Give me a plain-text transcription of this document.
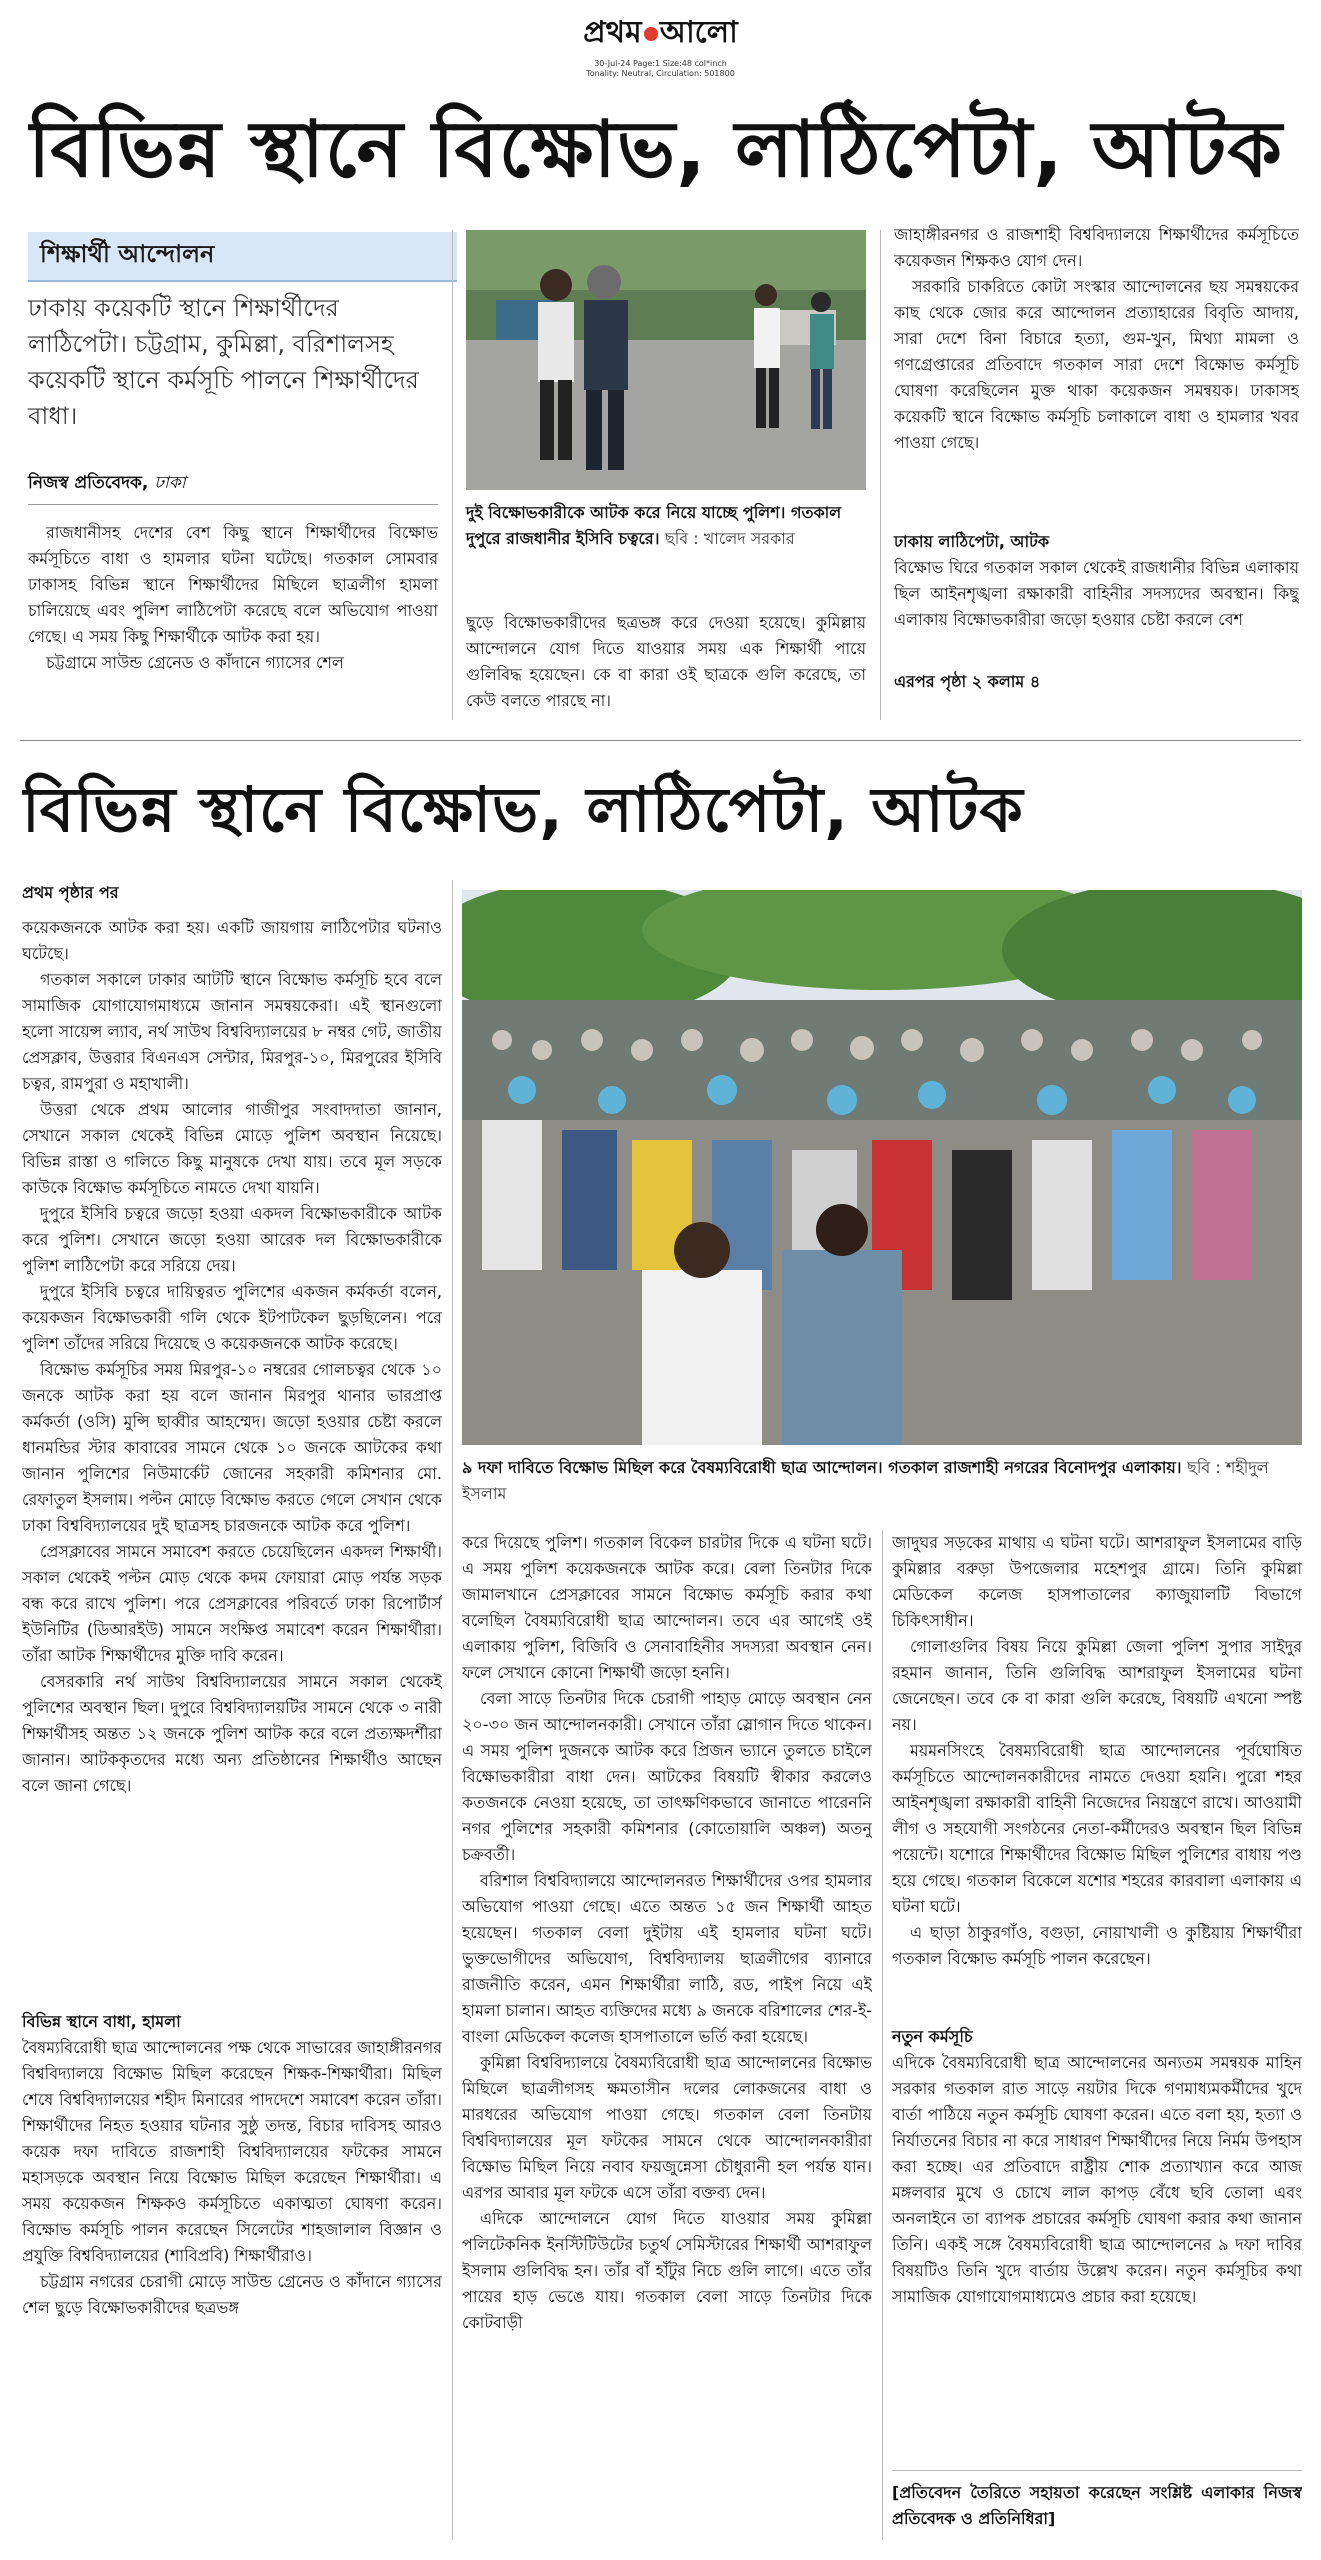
প্রথম আলো
30-Jul-24 Page:1 Size:48 col*inch
Tonality: Neutral, Circulation: 501800
বিভিন্ন স্থানে বিক্ষোভ, লাঠিপেটা, আটক
শিক্ষার্থী আন্দোলন
ঢাকায় কয়েকটি স্থানে শিক্ষার্থীদের লাঠিপেটা। চট্টগ্রাম, কুমিল্লা, বরিশালসহ কয়েকটি স্থানে কর্মসূচি পালনে শিক্ষার্থীদের বাধা।
নিজস্ব প্রতিবেদক, ঢাকা

রাজধানীসহ দেশের বেশ কিছু স্থানে শিক্ষার্থীদের বিক্ষোভ কর্মসূচিতে বাধা ও হামলার ঘটনা ঘটেছে। গতকাল সোমবার ঢাকাসহ বিভিন্ন স্থানে শিক্ষার্থীদের মিছিলে ছাত্রলীগ হামলা চালিয়েছে এবং পুলিশ লাঠিপেটা করেছে বলে অভিযোগ পাওয়া গেছে। এ সময় কিছু শিক্ষার্থীকে আটক করা হয়।

চট্টগ্রামে সাউন্ড গ্রেনেড ও কাঁদানে গ্যাসের শেল

দুই বিক্ষোভকারীকে আটক করে নিয়ে যাচ্ছে পুলিশ। গতকাল দুপুরে রাজধানীর ইসিবি চত্বরে। ছবি : খালেদ সরকার

ছুড়ে বিক্ষোভকারীদের ছত্রভঙ্গ করে দেওয়া হয়েছে। কুমিল্লায় আন্দোলনে যোগ দিতে যাওয়ার সময় এক শিক্ষার্থী পায়ে গুলিবিদ্ধ হয়েছেন। কে বা কারা ওই ছাত্রকে গুলি করেছে, তা কেউ বলতে পারছে না।

জাহাঙ্গীরনগর ও রাজশাহী বিশ্ববিদ্যালয়ে শিক্ষার্থীদের কর্মসূচিতে কয়েকজন শিক্ষকও যোগ দেন।

সরকারি চাকরিতে কোটা সংস্কার আন্দোলনের ছয় সমন্বয়কের কাছ থেকে জোর করে আন্দোলন প্রত্যাহারের বিবৃতি আদায়, সারা দেশে বিনা বিচারে হত্যা, গুম-খুন, মিথ্যা মামলা ও গণগ্রেপ্তারের প্রতিবাদে গতকাল সারা দেশে বিক্ষোভ কর্মসূচি ঘোষণা করেছিলেন মুক্ত থাকা কয়েকজন সমন্বয়ক। ঢাকাসহ কয়েকটি স্থানে বিক্ষোভ কর্মসূচি চলাকালে বাধা ও হামলার খবর পাওয়া গেছে।

ঢাকায় লাঠিপেটা, আটক

বিক্ষোভ ঘিরে গতকাল সকাল থেকেই রাজধানীর বিভিন্ন এলাকায় ছিল আইনশৃঙ্খলা রক্ষাকারী বাহিনীর সদস্যদের অবস্থান। কিছু এলাকায় বিক্ষোভকারীরা জড়ো হওয়ার চেষ্টা করলে বেশ

এরপর পৃষ্ঠা ২ কলাম ৪
বিভিন্ন স্থানে বিক্ষোভ, লাঠিপেটা, আটক
প্রথম পৃষ্ঠার পর

কয়েকজনকে আটক করা হয়। একটি জায়গায় লাঠিপেটার ঘটনাও ঘটেছে।

গতকাল সকালে ঢাকার আটটি স্থানে বিক্ষোভ কর্মসূচি হবে বলে সামাজিক যোগাযোগমাধ্যমে জানান সমন্বয়কেরা। এই স্থানগুলো হলো সায়েন্স ল্যাব, নর্থ সাউথ বিশ্ববিদ্যালয়ের ৮ নম্বর গেট, জাতীয় প্রেসক্লাব, উত্তরার বিএনএস সেন্টার, মিরপুর-১০, মিরপুরের ইসিবি চত্বর, রামপুরা ও মহাখালী।

উত্তরা থেকে প্রথম আলোর গাজীপুর সংবাদদাতা জানান, সেখানে সকাল থেকেই বিভিন্ন মোড়ে পুলিশ অবস্থান নিয়েছে। বিভিন্ন রাস্তা ও গলিতে কিছু মানুষকে দেখা যায়। তবে মূল সড়কে কাউকে বিক্ষোভ কর্মসূচিতে নামতে দেখা যায়নি।

দুপুরে ইসিবি চত্বরে জড়ো হওয়া একদল বিক্ষোভকারীকে আটক করে পুলিশ। সেখানে জড়ো হওয়া আরেক দল বিক্ষোভকারীকে পুলিশ লাঠিপেটা করে সরিয়ে দেয়।

দুপুরে ইসিবি চত্বরে দায়িত্বরত পুলিশের একজন কর্মকর্তা বলেন, কয়েকজন বিক্ষোভকারী গলি থেকে ইটপাটকেল ছুড়ছিলেন। পরে পুলিশ তাঁদের সরিয়ে দিয়েছে ও কয়েকজনকে আটক করেছে।

বিক্ষোভ কর্মসূচির সময় মিরপুর-১০ নম্বরের গোলচত্বর থেকে ১০ জনকে আটক করা হয় বলে জানান মিরপুর থানার ভারপ্রাপ্ত কর্মকর্তা (ওসি) মুন্সি ছাব্বীর আহম্মেদ। জড়ো হওয়ার চেষ্টা করলে ধানমন্ডির স্টার কাবাবের সামনে থেকে ১০ জনকে আটকের কথা জানান পুলিশের নিউমার্কেট জোনের সহকারী কমিশনার মো. রেফাতুল ইসলাম। পল্টন মোড়ে বিক্ষোভ করতে গেলে সেখান থেকে ঢাকা বিশ্ববিদ্যালয়ের দুই ছাত্রসহ চারজনকে আটক করে পুলিশ।

প্রেসক্লাবের সামনে সমাবেশ করতে চেয়েছিলেন একদল শিক্ষার্থী। সকাল থেকেই পল্টন মোড় থেকে কদম ফোয়ারা মোড় পর্যন্ত সড়ক বন্ধ করে রাখে পুলিশ। পরে প্রেসক্লাবের পরিবর্তে ঢাকা রিপোর্টার্স ইউনিটির (ডিআরইউ) সামনে সংক্ষিপ্ত সমাবেশ করেন শিক্ষার্থীরা। তাঁরা আটক শিক্ষার্থীদের মুক্তি দাবি করেন।

বেসরকারি নর্থ সাউথ বিশ্ববিদ্যালয়ের সামনে সকাল থেকেই পুলিশের অবস্থান ছিল। দুপুরে বিশ্ববিদ্যালয়টির সামনে থেকে ৩ নারী শিক্ষার্থীসহ অন্তত ১২ জনকে পুলিশ আটক করে বলে প্রত্যক্ষদর্শীরা জানান। আটককৃতদের মধ্যে অন্য প্রতিষ্ঠানের শিক্ষার্থীও আছেন বলে জানা গেছে।

বিভিন্ন স্থানে বাধা, হামলা

বৈষম্যবিরোধী ছাত্র আন্দোলনের পক্ষ থেকে সাভারের জাহাঙ্গীরনগর বিশ্ববিদ্যালয়ে বিক্ষোভ মিছিল করেছেন শিক্ষক-শিক্ষার্থীরা। মিছিল শেষে বিশ্ববিদ্যালয়ের শহীদ মিনারের পাদদেশে সমাবেশ করেন তাঁরা। শিক্ষার্থীদের নিহত হওয়ার ঘটনার সুষ্ঠু তদন্ত, বিচার দাবিসহ আরও কয়েক দফা দাবিতে রাজশাহী বিশ্ববিদ্যালয়ের ফটকের সামনে মহাসড়কে অবস্থান নিয়ে বিক্ষোভ মিছিল করেছেন শিক্ষার্থীরা। এ সময় কয়েকজন শিক্ষকও কর্মসূচিতে একাত্মতা ঘোষণা করেন। বিক্ষোভ কর্মসূচি পালন করেছেন সিলেটের শাহজালাল বিজ্ঞান ও প্রযুক্তি বিশ্ববিদ্যালয়ের (শাবিপ্রবি) শিক্ষার্থীরাও।

চট্টগ্রাম নগরের চেরাগী মোড়ে সাউন্ড গ্রেনেড ও কাঁদানে গ্যাসের শেল ছুড়ে বিক্ষোভকারীদের ছত্রভঙ্গ

৯ দফা দাবিতে বিক্ষোভ মিছিল করে বৈষম্যবিরোধী ছাত্র আন্দোলন। গতকাল রাজশাহী নগরের বিনোদপুর এলাকায়। ছবি : শহীদুল ইসলাম

করে দিয়েছে পুলিশ। গতকাল বিকেল চারটার দিকে এ ঘটনা ঘটে। এ সময় পুলিশ কয়েকজনকে আটক করে। বেলা তিনটার দিকে জামালখানে প্রেসক্লাবের সামনে বিক্ষোভ কর্মসূচি করার কথা বলেছিল বৈষম্যবিরোধী ছাত্র আন্দোলন। তবে এর আগেই ওই এলাকায় পুলিশ, বিজিবি ও সেনাবাহিনীর সদস্যরা অবস্থান নেন। ফলে সেখানে কোনো শিক্ষার্থী জড়ো হননি।

বেলা সাড়ে তিনটার দিকে চেরাগী পাহাড় মোড়ে অবস্থান নেন ২০-৩০ জন আন্দোলনকারী। সেখানে তাঁরা স্লোগান দিতে থাকেন। এ সময় পুলিশ দুজনকে আটক করে প্রিজন ভ্যানে তুলতে চাইলে বিক্ষোভকারীরা বাধা দেন। আটকের বিষয়টি স্বীকার করলেও কতজনকে নেওয়া হয়েছে, তা তাৎক্ষণিকভাবে জানাতে পারেননি নগর পুলিশের সহকারী কমিশনার (কোতোয়ালি অঞ্চল) অতনু চক্রবর্তী।

বরিশাল বিশ্ববিদ্যালয়ে আন্দোলনরত শিক্ষার্থীদের ওপর হামলার অভিযোগ পাওয়া গেছে। এতে অন্তত ১৫ জন শিক্ষার্থী আহত হয়েছেন। গতকাল বেলা দুইটায় এই হামলার ঘটনা ঘটে। ভুক্তভোগীদের অভিযোগ, বিশ্ববিদ্যালয় ছাত্রলীগের ব্যানারে রাজনীতি করেন, এমন শিক্ষার্থীরা লাঠি, রড, পাইপ নিয়ে এই হামলা চালান। আহত ব্যক্তিদের মধ্যে ৯ জনকে বরিশালের শের-ই-বাংলা মেডিকেল কলেজ হাসপাতালে ভর্তি করা হয়েছে।

কুমিল্লা বিশ্ববিদ্যালয়ে বৈষম্যবিরোধী ছাত্র আন্দোলনের বিক্ষোভ মিছিলে ছাত্রলীগসহ ক্ষমতাসীন দলের লোকজনের বাধা ও মারধরের অভিযোগ পাওয়া গেছে। গতকাল বেলা তিনটায় বিশ্ববিদ্যালয়ের মূল ফটকের সামনে থেকে আন্দোলনকারীরা বিক্ষোভ মিছিল নিয়ে নবাব ফয়জুন্নেসা চৌধুরানী হল পর্যন্ত যান। এরপর আবার মূল ফটকে এসে তাঁরা বক্তব্য দেন।

এদিকে আন্দোলনে যোগ দিতে যাওয়ার সময় কুমিল্লা পলিটেকনিক ইনস্টিটিউটের চতুর্থ সেমিস্টারের শিক্ষার্থী আশরাফুল ইসলাম গুলিবিদ্ধ হন। তাঁর বাঁ হাঁটুর নিচে গুলি লাগে। এতে তাঁর পায়ের হাড় ভেঙে যায়। গতকাল বেলা সাড়ে তিনটার দিকে কোটবাড়ী

জাদুঘর সড়কের মাথায় এ ঘটনা ঘটে। আশরাফুল ইসলামের বাড়ি কুমিল্লার বরুড়া উপজেলার মহেশপুর গ্রামে। তিনি কুমিল্লা মেডিকেল কলেজ হাসপাতালের ক্যাজুয়ালটি বিভাগে চিকিৎসাধীন।

গোলাগুলির বিষয় নিয়ে কুমিল্লা জেলা পুলিশ সুপার সাইদুর রহমান জানান, তিনি গুলিবিদ্ধ আশরাফুল ইসলামের ঘটনা জেনেছেন। তবে কে বা কারা গুলি করেছে, বিষয়টি এখনো স্পষ্ট নয়।

ময়মনসিংহে বৈষম্যবিরোধী ছাত্র আন্দোলনের পূর্বঘোষিত কর্মসূচিতে আন্দোলনকারীদের নামতে দেওয়া হয়নি। পুরো শহর আইনশৃঙ্খলা রক্ষাকারী বাহিনী নিজেদের নিয়ন্ত্রণে রাখে। আওয়ামী লীগ ও সহযোগী সংগঠনের নেতা-কর্মীদেরও অবস্থান ছিল বিভিন্ন পয়েন্টে। যশোরে শিক্ষার্থীদের বিক্ষোভ মিছিল পুলিশের বাধায় পণ্ড হয়ে গেছে। গতকাল বিকেলে যশোর শহরের কারবালা এলাকায় এ ঘটনা ঘটে।

এ ছাড়া ঠাকুরগাঁও, বগুড়া, নোয়াখালী ও কুষ্টিয়ায় শিক্ষার্থীরা গতকাল বিক্ষোভ কর্মসূচি পালন করেছেন।

নতুন কর্মসূচি

এদিকে বৈষম্যবিরোধী ছাত্র আন্দোলনের অন্যতম সমন্বয়ক মাহিন সরকার গতকাল রাত সাড়ে নয়টার দিকে গণমাধ্যমকর্মীদের খুদে বার্তা পাঠিয়ে নতুন কর্মসূচি ঘোষণা করেন। এতে বলা হয়, হত্যা ও নির্যাতনের বিচার না করে সাধারণ শিক্ষার্থীদের নিয়ে নির্মম উপহাস করা হচ্ছে। এর প্রতিবাদে রাষ্ট্রীয় শোক প্রত্যাখ্যান করে আজ মঙ্গলবার মুখে ও চোখে লাল কাপড় বেঁধে ছবি তোলা এবং অনলাইনে তা ব্যাপক প্রচারের কর্মসূচি ঘোষণা করার কথা জানান তিনি। একই সঙ্গে বৈষম্যবিরোধী ছাত্র আন্দোলনের ৯ দফা দাবির বিষয়টিও তিনি খুদে বার্তায় উল্লেখ করেন। নতুন কর্মসূচির কথা সামাজিক যোগাযোগমাধ্যমেও প্রচার করা হয়েছে।

[প্রতিবেদন তৈরিতে সহায়তা করেছেন সংশ্লিষ্ট এলাকার নিজস্ব প্রতিবেদক ও প্রতিনিধিরা]
